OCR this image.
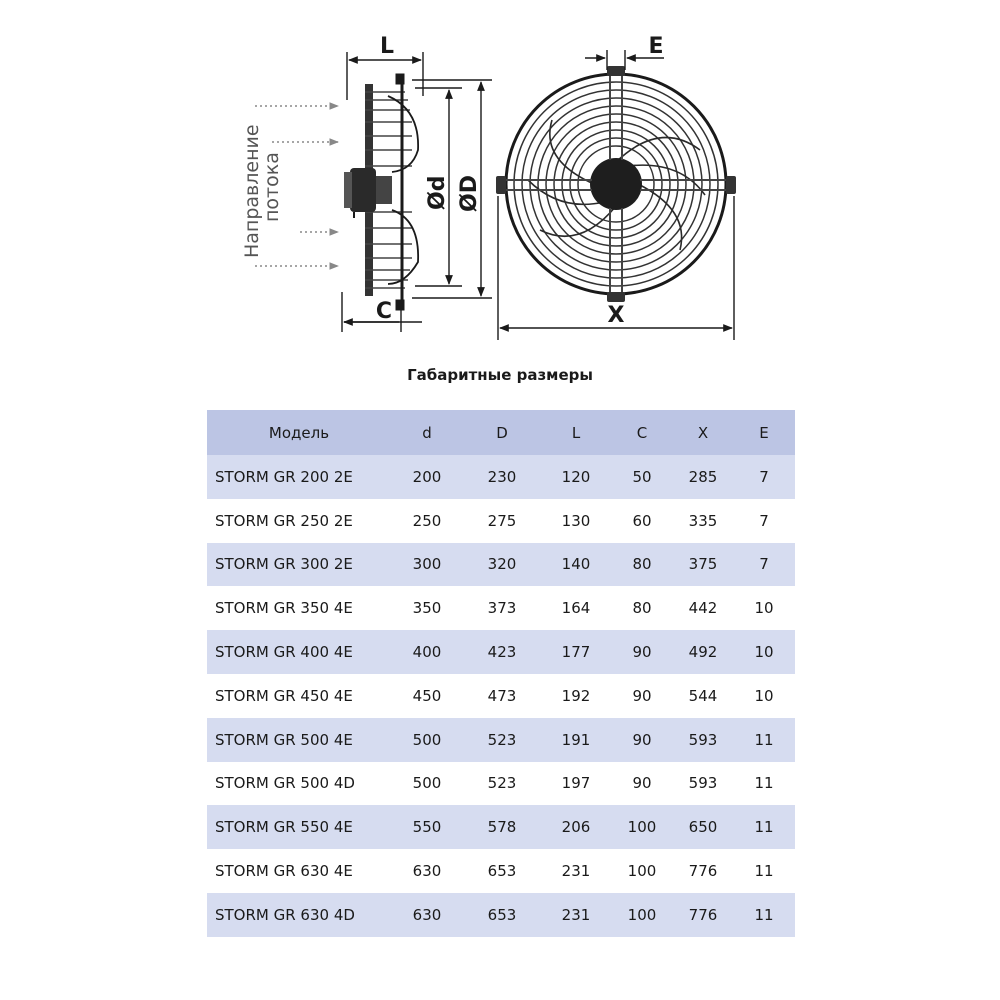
Направление
потока
L
C
Ød ØD
E
X
Габаритные размеры
Модель	d	D	L	C	X	E
STORM GR 200 2E	200	230	120	50	285	7
STORM GR 250 2E	250	275	130	60	335	7
STORM GR 300 2E	300	320	140	80	375	7
STORM GR 350 4E	350	373	164	80	442	10
STORM GR 400 4E	400	423	177	90	492	10
STORM GR 450 4E	450	473	192	90	544	10
STORM GR 500 4E	500	523	191	90	593	11
STORM GR 500 4D	500	523	197	90	593	11
STORM GR 550 4E	550	578	206	100	650	11
STORM GR 630 4E	630	653	231	100	776	11
STORM GR 630 4D	630	653	231	100	776	11
